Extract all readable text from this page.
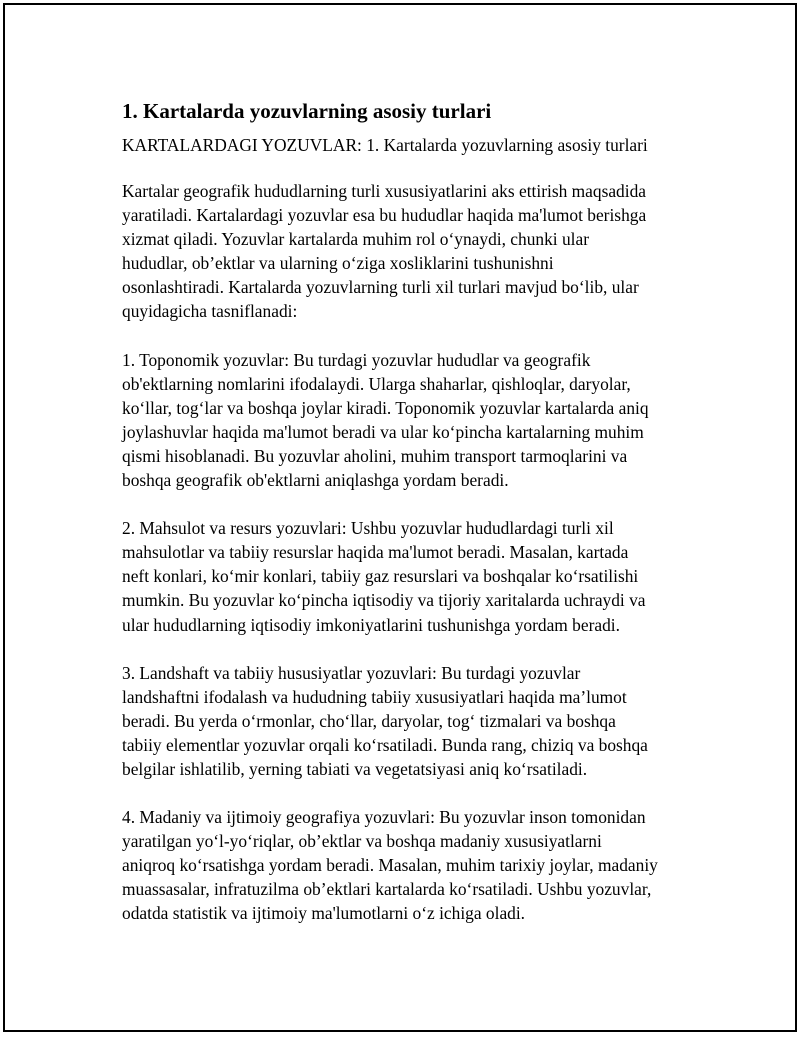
1. Kartalarda yozuvlarning asosiy turlari

KARTALARDAGI YOZUVLAR: 1. Kartalarda yozuvlarning asosiy turlari

Kartalar geografik hududlarning turli xususiyatlarini aks ettirish maqsadida
yaratiladi. Kartalardagi yozuvlar esa bu hududlar haqida ma'lumot berishga
xizmat qiladi. Yozuvlar kartalarda muhim rol o‘ynaydi, chunki ular
hududlar, ob’ektlar va ularning o‘ziga xosliklarini tushunishni
osonlashtiradi. Kartalarda yozuvlarning turli xil turlari mavjud bo‘lib, ular
quyidagicha tasniflanadi:

1. Toponomik yozuvlar: Bu turdagi yozuvlar hududlar va geografik
ob'ektlarning nomlarini ifodalaydi. Ularga shaharlar, qishloqlar, daryolar,
ko‘llar, tog‘lar va boshqa joylar kiradi. Toponomik yozuvlar kartalarda aniq
joylashuvlar haqida ma'lumot beradi va ular ko‘pincha kartalarning muhim
qismi hisoblanadi. Bu yozuvlar aholini, muhim transport tarmoqlarini va
boshqa geografik ob'ektlarni aniqlashga yordam beradi.

2. Mahsulot va resurs yozuvlari: Ushbu yozuvlar hududlardagi turli xil
mahsulotlar va tabiiy resurslar haqida ma'lumot beradi. Masalan, kartada
neft konlari, ko‘mir konlari, tabiiy gaz resurslari va boshqalar ko‘rsatilishi
mumkin. Bu yozuvlar ko‘pincha iqtisodiy va tijoriy xaritalarda uchraydi va
ular hududlarning iqtisodiy imkoniyatlarini tushunishga yordam beradi.

3. Landshaft va tabiiy hususiyatlar yozuvlari: Bu turdagi yozuvlar
landshaftni ifodalash va hududning tabiiy xususiyatlari haqida ma’lumot
beradi. Bu yerda o‘rmonlar, cho‘llar, daryolar, tog‘ tizmalari va boshqa
tabiiy elementlar yozuvlar orqali ko‘rsatiladi. Bunda rang, chiziq va boshqa
belgilar ishlatilib, yerning tabiati va vegetatsiyasi aniq ko‘rsatiladi.

4. Madaniy va ijtimoiy geografiya yozuvlari: Bu yozuvlar inson tomonidan
yaratilgan yo‘l-yo‘riqlar, ob’ektlar va boshqa madaniy xususiyatlarni
aniqroq ko‘rsatishga yordam beradi. Masalan, muhim tarixiy joylar, madaniy
muassasalar, infratuzilma ob’ektlari kartalarda ko‘rsatiladi. Ushbu yozuvlar,
odatda statistik va ijtimoiy ma'lumotlarni o‘z ichiga oladi.
